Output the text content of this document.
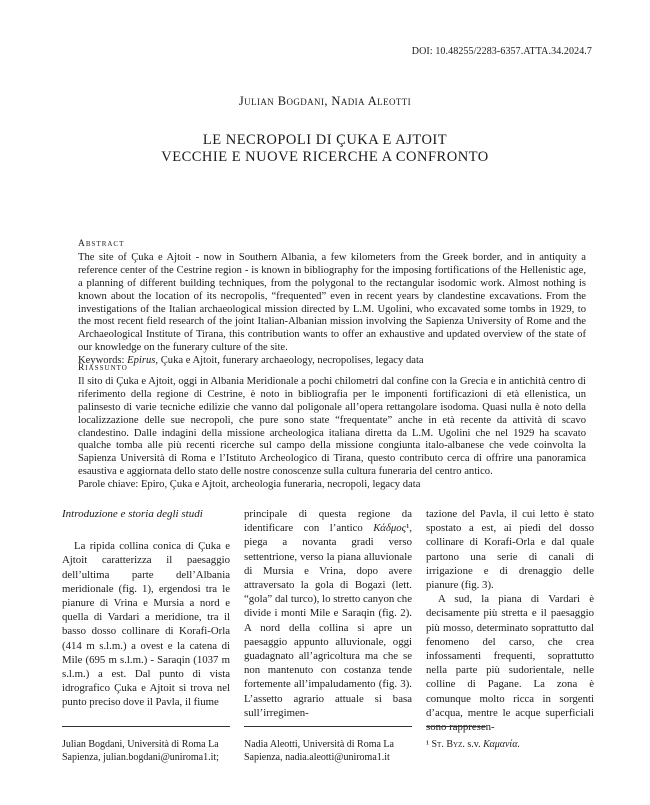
DOI: 10.48255/2283-6357.ATTA.34.2024.7
Julian Bogdani, Nadia Aleotti
LE NECROPOLI DI ÇUKA E AJTOIT
VECCHIE E NUOVE RICERCHE A CONFRONTO
Abstract

The site of Çuka e Ajtoit - now in Southern Albania, a few kilometers from the Greek border, and in antiquity a reference center of the Cestrine region - is known in bibliography for the imposing fortifications of the Hellenistic age, a planning of different building techniques, from the polygonal to the rectangular isodomic work. Almost nothing is known about the location of its necropolis, “frequented” even in recent years by clandestine excavations. From the investigations of the Italian archaeological mission directed by L.M. Ugolini, who excavated some tombs in 1929, to the most recent field research of the joint Italian-Albanian mission involving the Sapienza University of Rome and the Archaeological Institute of Tirana, this contribution wants to offer an exhaustive and updated overview of the state of our knowledge on the funerary culture of the site.

Keywords: Epirus, Çuka e Ajtoit, funerary archaeology, necropolises, legacy data

Riassunto

Il sito di Çuka e Ajtoit, oggi in Albania Meridionale a pochi chilometri dal confine con la Grecia e in antichità centro di riferimento della regione di Cestrine, è noto in bibliografia per le imponenti fortificazioni di età ellenistica, un palinsesto di varie tecniche edilizie che vanno dal poligonale all’opera rettangolare isodoma. Quasi nulla è noto della localizzazione delle sue necropoli, che pure sono state “frequentate” anche in età recente da attività di scavo clandestino. Dalle indagini della missione archeologica italiana diretta da L.M. Ugolini che nel 1929 ha scavato qualche tomba alle più recenti ricerche sul campo della missione congiunta italo-albanese che vede coinvolta la Sapienza Università di Roma e l’Istituto Archeologico di Tirana, questo contributo cerca di offrire una panoramica esaustiva e aggiornata dello stato delle nostre conoscenze sulla cultura funeraria del centro antico.

Parole chiave: Epiro, Çuka e Ajtoit, archeologia funeraria, necropoli, legacy data

Introduzione e storia degli studi

La ripida collina conica di Çuka e Ajtoit caratterizza il paesaggio dell’ultima parte dell’Albania meridionale (fig. 1), ergendosi tra le pianure di Vrina e Mursia a nord e quella di Vardari a meridione, tra il basso dosso collinare di Korafi-Orla (414 m s.l.m.) a ovest e la catena di Mile (695 m s.l.m.) - Saraqin (1037 m s.l.m.) a est. Dal punto di vista idrografico Çuka e Ajtoit si trova nel punto preciso dove il Pavla, il fiume

principale di questa regione da identificare con l’antico Κάδμος¹, piega a novanta gradi verso settentrione, verso la piana alluvionale di Mursia e Vrina, dopo avere attraversato la gola di Bogazi (lett. “gola” dal turco), lo stretto canyon che divide i monti Mile e Saraqin (fig. 2). A nord della collina si apre un paesaggio appunto alluvionale, oggi guadagnato all’agricoltura ma che se non mantenuto con costanza tende fortemente all’impaludamento (fig. 3). L’assetto agrario attuale si basa sull’irregimen-

tazione del Pavla, il cui letto è stato spostato a est, ai piedi del dosso collinare di Korafi-Orla e dal quale partono una serie di canali di irrigazione e di drenaggio delle pianure (fig. 3).

A sud, la piana di Vardari è decisamente più stretta e il paesaggio più mosso, determinato soprattutto dal fenomeno del carso, che crea infossamenti frequenti, soprattutto nella parte più sudorientale, nelle colline di Pagane. La zona è comunque molto ricca in sorgenti d’acqua, mentre le acque superficiali sono rappresen-

Julian Bogdani, Università di Roma La Sapienza, julian.bogdani@uniroma1.it;
Nadia Aleotti, Università di Roma La Sapienza, nadia.aleotti@uniroma1.it
¹ St. Byz. s.v. Καμανία.
